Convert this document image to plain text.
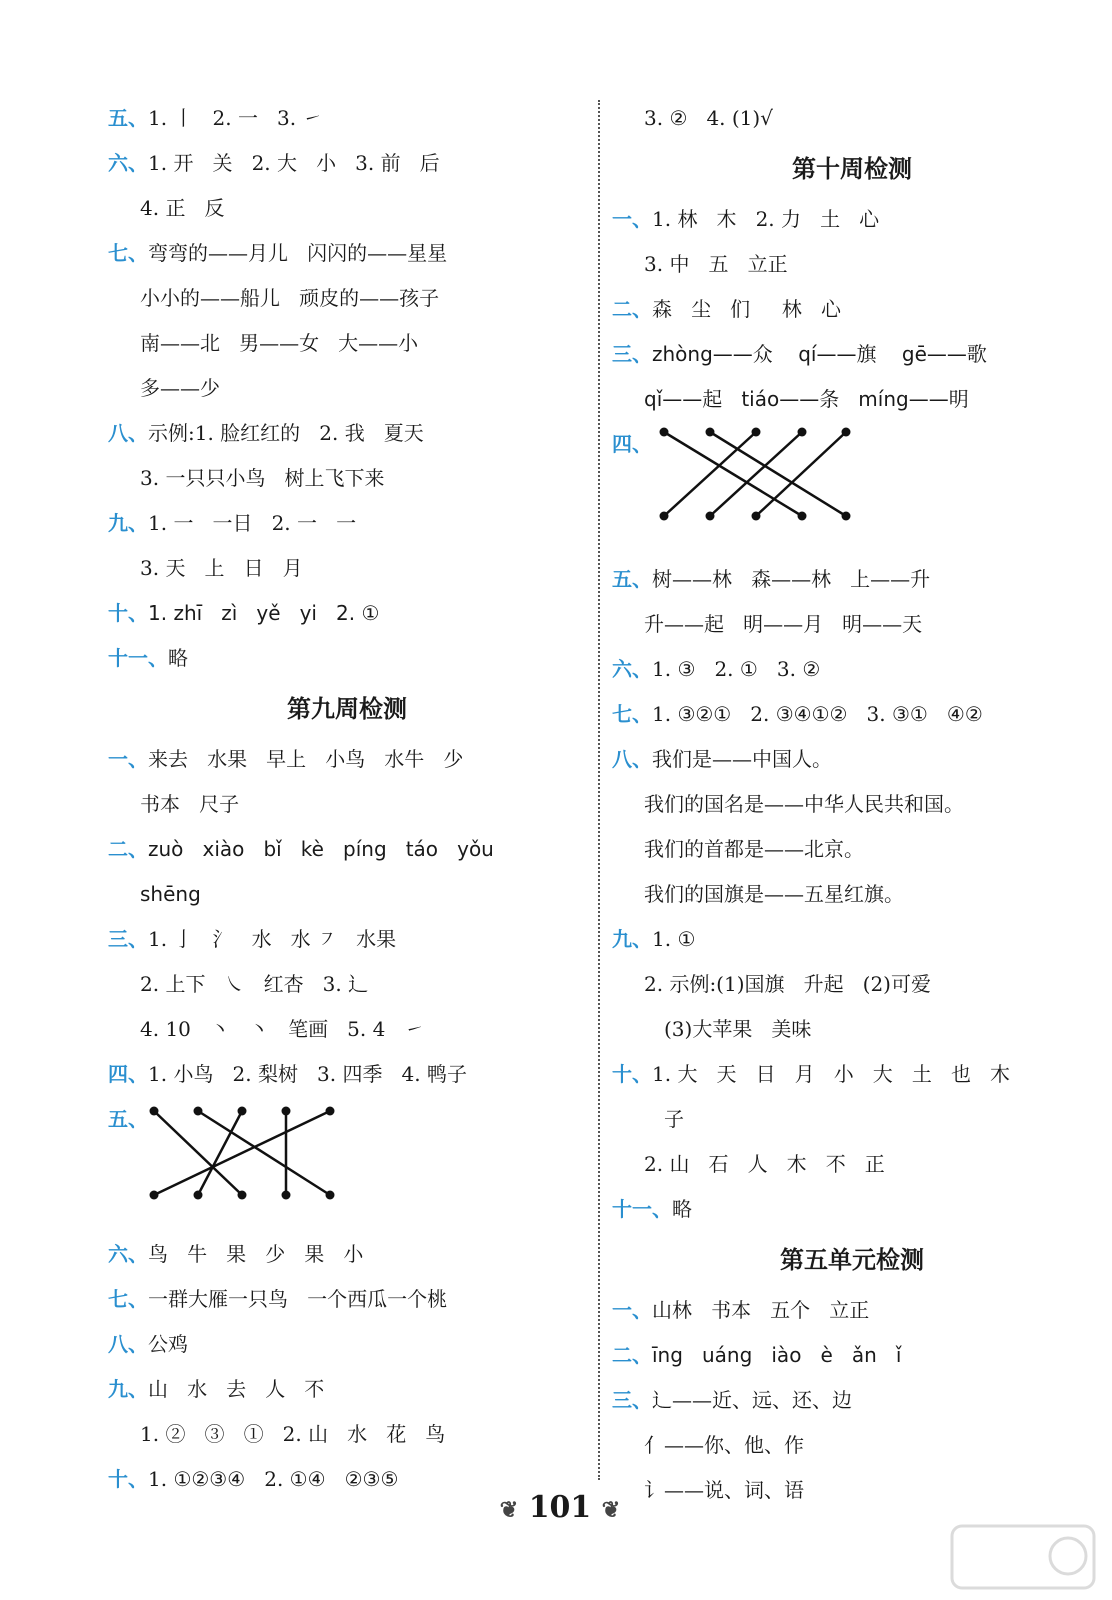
五、1. 丨   2. 一   3. ㇀
六、1. 开   关   2. 大   小   3. 前   后
4. 正   反
七、弯弯的——月儿   闪闪的——星星
小小的——船儿   顽皮的——孩子
南——北   男——女   大——小
多——少
八、示例:1. 脸红红的   2. 我   夏天
3. 一只只小鸟   树上飞下来
九、1. 一   一日   2. 一   一
3. 天   上   日   月
十、1. zhī   zì   yě   yi   2. ①
十一、略
第九周检测
一、来去   水果   早上   小鸟   水牛   少
书本   尺子
二、zuò   xiào   bǐ   kè   píng   táo   yǒu
shēng
三、1. 亅   氵   水   水 ㇇   水果
2. 上下   ㇏   红杏   3. 辶
4. 10   丶   丶   笔画   5. 4   ㇀
四、1. 小鸟   2. 梨树   3. 四季   4. 鸭子
五、
六、鸟   牛   果   少   果   小
七、一群大雁一只鸟   一个西瓜一个桃
八、公鸡
九、山   水   去   人   不
1. ②   ③   ①   2. 山   水   花   鸟
十、1. ①②③④   2. ①④   ②③⑤
3. ②   4. (1)√
第十周检测
一、1. 林   木   2. 力   土   心
3. 中   五   立正
二、森   尘   们     林   心
三、zhòng——众    qí——旗    gē——歌
qǐ——起   tiáo——条   míng——明
四、
五、树——林   森——林   上——升
升——起   明——月   明——天
六、1. ③   2. ①   3. ②
七、1. ③②①   2. ③④①②   3. ③①   ④②
八、我们是——中国人。
我们的国名是——中华人民共和国。
我们的首都是——北京。
我们的国旗是——五星红旗。
九、1. ①
2. 示例:(1)国旗   升起   (2)可爱
(3)大苹果   美味
十、1. 大   天   日   月   小   大   土   也   木
子
2. 山   石   人   木   不   正
十一、略
第五单元检测
一、山林   书本   五个   立正
二、īng   uáng   iào   è   ǎn   ǐ
三、辶——近、远、还、边
亻——你、他、作
讠——说、词、语
❦ 101 ❦
